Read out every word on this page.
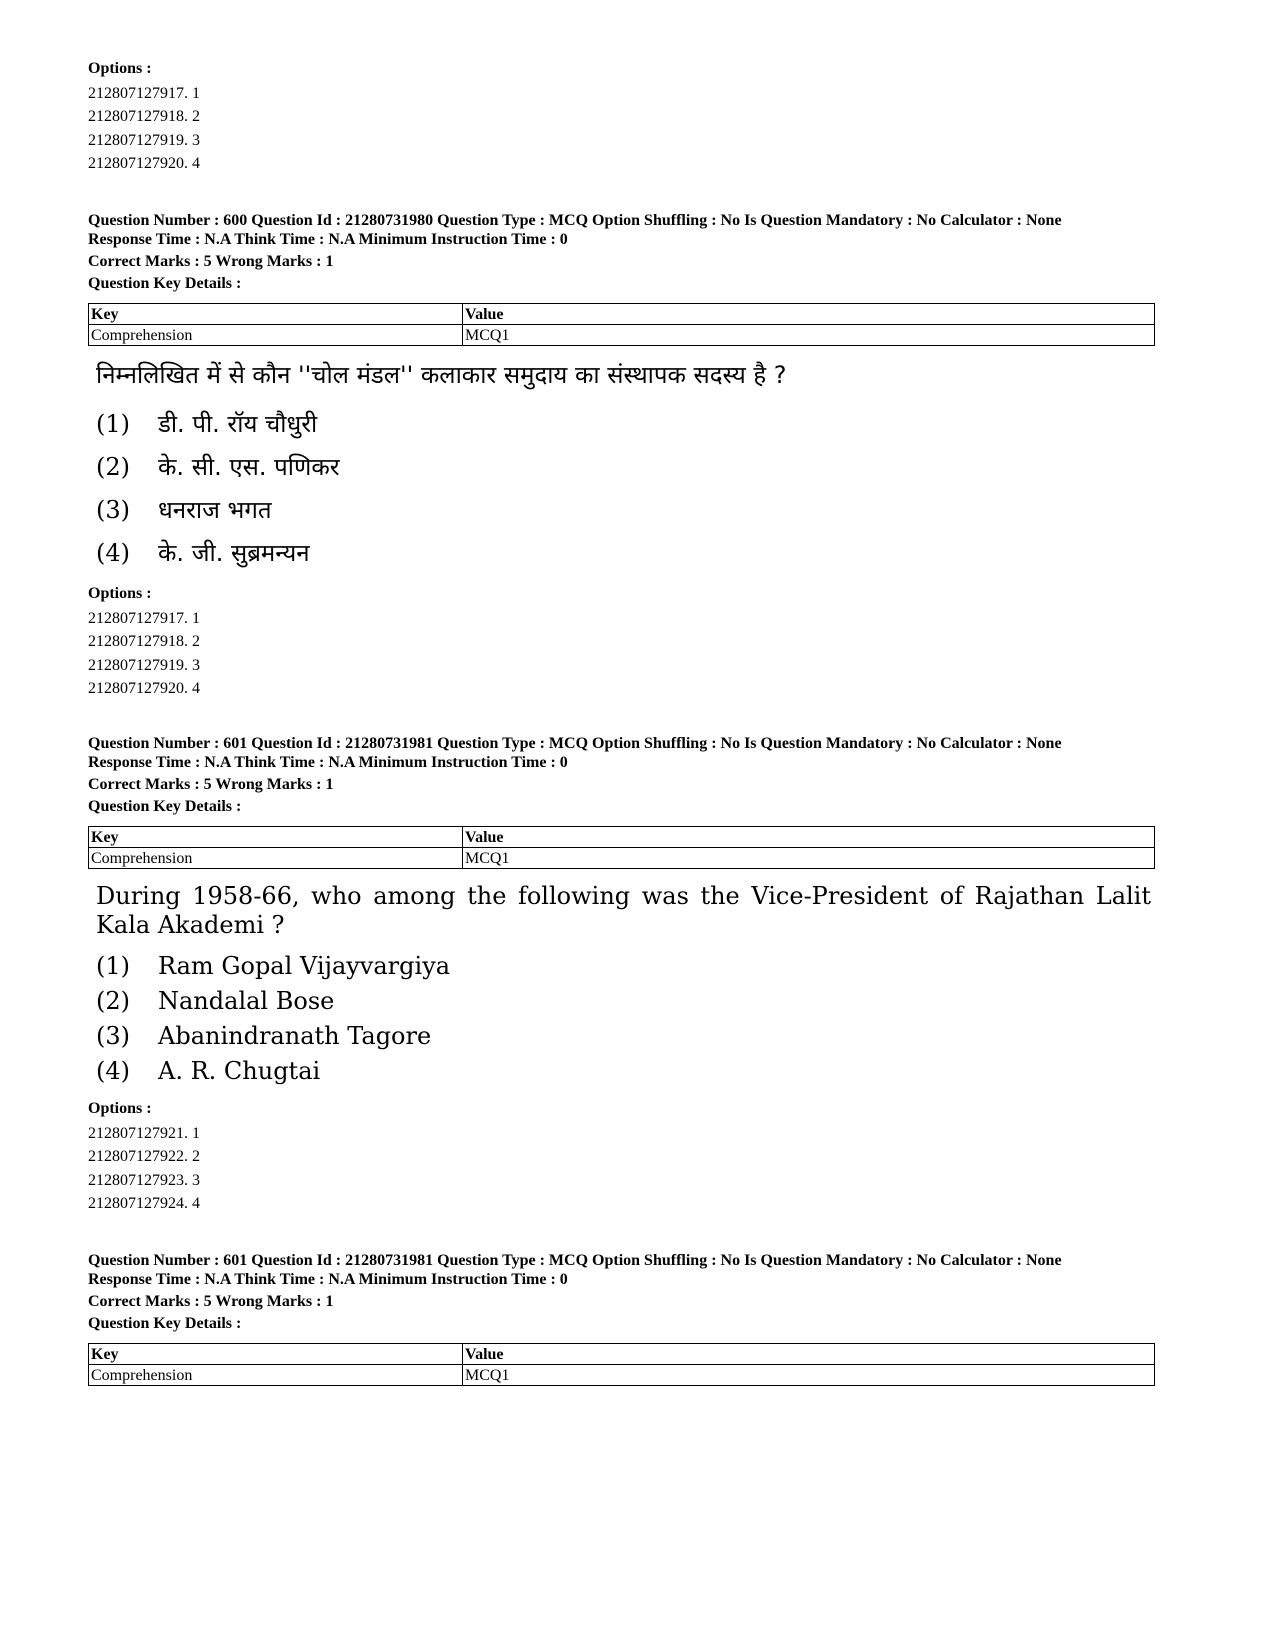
Options :
212807127917. 1
212807127918. 2
212807127919. 3
212807127920. 4
Question Number : 600 Question Id : 21280731980 Question Type : MCQ Option Shuffling : No Is Question Mandatory : No Calculator : None
Response Time : N.A Think Time : N.A Minimum Instruction Time : 0
Correct Marks : 5 Wrong Marks : 1
Question Key Details :
Key	Value
Comprehension	MCQ1
निम्नलिखित में से कौन ''चोल मंडल'' कलाकार समुदाय का संस्थापक सदस्य है ?
(1)	डी. पी. रॉय चौधुरी
(2)	के. सी. एस. पणिकर
(3)	धनराज भगत
(4)	के. जी. सुब्रमन्यन
Options :
212807127917. 1
212807127918. 2
212807127919. 3
212807127920. 4
Question Number : 601 Question Id : 21280731981 Question Type : MCQ Option Shuffling : No Is Question Mandatory : No Calculator : None
Response Time : N.A Think Time : N.A Minimum Instruction Time : 0
Correct Marks : 5 Wrong Marks : 1
Question Key Details :
Key	Value
Comprehension	MCQ1
During 1958-66, who among the following was the Vice-President of Rajathan Lalit Kala Akademi ?
(1)	Ram Gopal Vijayvargiya
(2)	Nandalal Bose
(3)	Abanindranath Tagore
(4)	A. R. Chugtai
Options :
212807127921. 1
212807127922. 2
212807127923. 3
212807127924. 4
Question Number : 601 Question Id : 21280731981 Question Type : MCQ Option Shuffling : No Is Question Mandatory : No Calculator : None
Response Time : N.A Think Time : N.A Minimum Instruction Time : 0
Correct Marks : 5 Wrong Marks : 1
Question Key Details :
Key	Value
Comprehension	MCQ1
